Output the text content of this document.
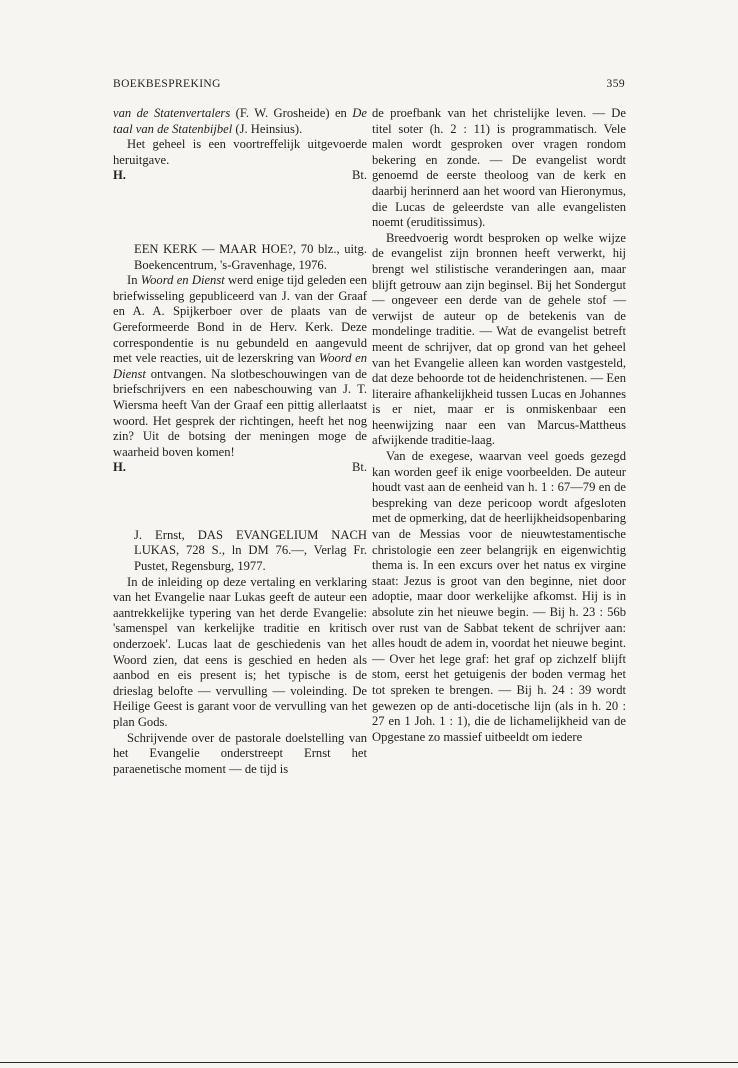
BOEKBESPREKING	359

van de Statenvertalers (F. W. Grosheide) en De taal van de Statenbijbel (J. Heinsius).

Het geheel is een voortreffelijk uitgevoerde heruitgave.

H.	Bt.

EEN KERK — MAAR HOE?, 70 blz., uitg. Boekencentrum, 's-Gravenhage, 1976.

In Woord en Dienst werd enige tijd geleden een briefwisseling gepubliceerd van J. van der Graaf en A. A. Spijkerboer over de plaats van de Gereformeerde Bond in de Herv. Kerk. Deze correspondentie is nu gebundeld en aangevuld met vele reacties, uit de lezerskring van Woord en Dienst ontvangen. Na slotbeschouwingen van de briefschrijvers en een nabeschouwing van J. T. Wiersma heeft Van der Graaf een pittig allerlaatst woord. Het gesprek der richtingen, heeft het nog zin? Uit de botsing der meningen moge de waarheid boven komen!

H.	Bt.

J. Ernst, DAS EVANGELIUM NACH LUKAS, 728 S., ln DM 76.—, Verlag Fr. Pustet, Regensburg, 1977.

In de inleiding op deze vertaling en verklaring van het Evangelie naar Lukas geeft de auteur een aantrekkelijke typering van het derde Evangelie: 'samenspel van kerkelijke traditie en kritisch onderzoek'. Lucas laat de geschiedenis van het Woord zien, dat eens is geschied en heden als aanbod en eis present is; het typische is de drieslag belofte — vervulling — voleinding. De Heilige Geest is garant voor de vervulling van het plan Gods.

Schrijvende over de pastorale doelstelling van het Evangelie onderstreept Ernst het paraenetische moment — de tijd is

de proefbank van het christelijke leven. — De titel soter (h. 2 : 11) is programmatisch. Vele malen wordt gesproken over vragen rondom bekering en zonde. — De evangelist wordt genoemd de eerste theoloog van de kerk en daarbij herinnerd aan het woord van Hieronymus, die Lucas de geleerdste van alle evangelisten noemt (eruditissimus).

Breedvoerig wordt besproken op welke wijze de evangelist zijn bronnen heeft verwerkt, hij brengt wel stilistische veranderingen aan, maar blijft getrouw aan zijn beginsel. Bij het Sondergut — ongeveer een derde van de gehele stof — verwijst de auteur op de betekenis van de mondelinge traditie. — Wat de evangelist betreft meent de schrijver, dat op grond van het geheel van het Evangelie alleen kan worden vastgesteld, dat deze behoorde tot de heidenchristenen. — Een literaire afhankelijkheid tussen Lucas en Johannes is er niet, maar er is onmiskenbaar een heenwijzing naar een van Marcus-Mattheus afwijkende traditie-laag.

Van de exegese, waarvan veel goeds gezegd kan worden geef ik enige voorbeelden. De auteur houdt vast aan de eenheid van h. 1 : 67—79 en de bespreking van deze pericoop wordt afgesloten met de opmerking, dat de heerlijkheidsopenbaring van de Messias voor de nieuwtestamentische christologie een zeer belangrijk en eigenwichtig thema is. In een excurs over het natus ex virgine staat: Jezus is groot van den beginne, niet door adoptie, maar door werkelijke afkomst. Hij is in absolute zin het nieuwe begin. — Bij h. 23 : 56b over rust van de Sabbat tekent de schrijver aan: alles houdt de adem in, voordat het nieuwe begint. — Over het lege graf: het graf op zichzelf blijft stom, eerst het getuigenis der boden vermag het tot spreken te brengen. — Bij h. 24 : 39 wordt gewezen op de anti-docetische lijn (als in h. 20 : 27 en 1 Joh. 1 : 1), die de lichamelijkheid van de Opgestane zo massief uitbeeldt om iedere
